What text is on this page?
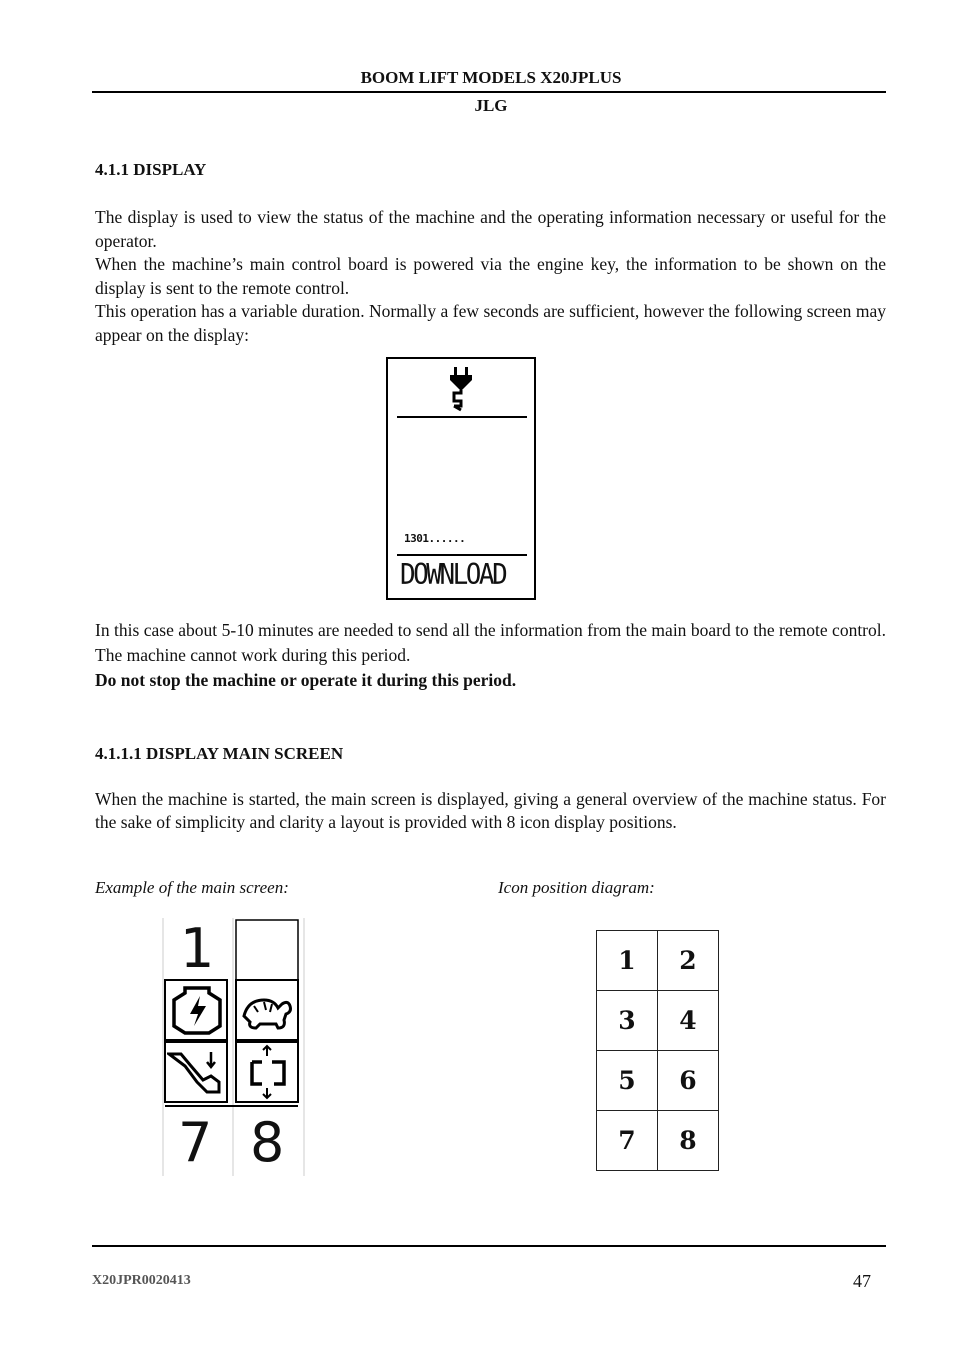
BOOM LIFT MODELS X20JPLUS
JLG
4.1.1 DISPLAY

The display is used to view the status of the machine and the operating information necessary or useful for the operator.

When the machine’s main control board is powered via the engine key, the information to be shown on the display is sent to the remote control.

This operation has a variable duration. Normally a few seconds are sufficient, however the following screen may appear on the display:

1301......
DOWNLOAD

In this case about 5-10 minutes are needed to send all the information from the main board to the remote control. The machine cannot work during this period.

Do not stop the machine or operate it during this period.

4.1.1.1 DISPLAY MAIN SCREEN
When the machine is started, the main screen is displayed, giving a general overview of the machine status. For the sake of simplicity and clarity a layout is provided with 8 icon display positions.
Example of the main screen:	Icon position diagram:
1
7 8
1	2
3	4
5	6
7	8
X20JPR0020413	47
